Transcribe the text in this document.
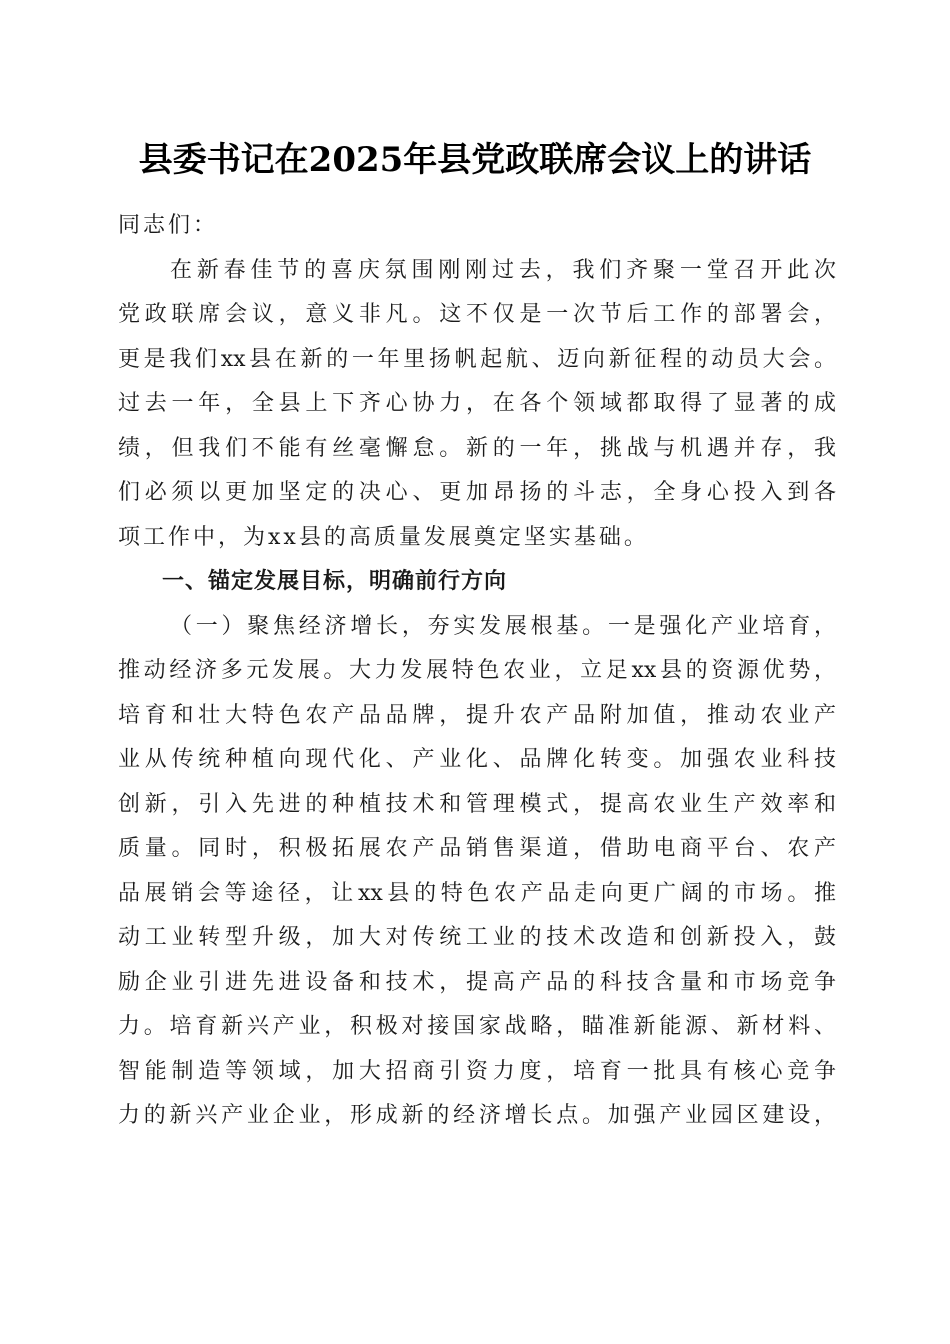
县委书记在2025年县党政联席会议上的讲话

同志们：

在新春佳节的喜庆氛围刚刚过去，我们齐聚一堂召开此次

党政联席会议，意义非凡。这不仅是一次节后工作的部署会，

更是我们xx县在新的一年里扬帆起航、迈向新征程的动员大会。

过去一年，全县上下齐心协力，在各个领域都取得了显著的成

绩，但我们不能有丝毫懈怠。新的一年，挑战与机遇并存，我

们必须以更加坚定的决心、更加昂扬的斗志，全身心投入到各

项工作中，为xx县的高质量发展奠定坚实基础。

一、锚定发展目标，明确前行方向

（一）聚焦经济增长，夯实发展根基。一是强化产业培育，

推动经济多元发展。大力发展特色农业，立足xx县的资源优势，

培育和壮大特色农产品品牌，提升农产品附加值，推动农业产

业从传统种植向现代化、产业化、品牌化转变。加强农业科技

创新，引入先进的种植技术和管理模式，提高农业生产效率和

质量。同时，积极拓展农产品销售渠道，借助电商平台、农产

品展销会等途径，让xx县的特色农产品走向更广阔的市场。推

动工业转型升级，加大对传统工业的技术改造和创新投入，鼓

励企业引进先进设备和技术，提高产品的科技含量和市场竞争

力。培育新兴产业，积极对接国家战略，瞄准新能源、新材料、

智能制造等领域，加大招商引资力度，培育一批具有核心竞争

力的新兴产业企业，形成新的经济增长点。加强产业园区建设，
